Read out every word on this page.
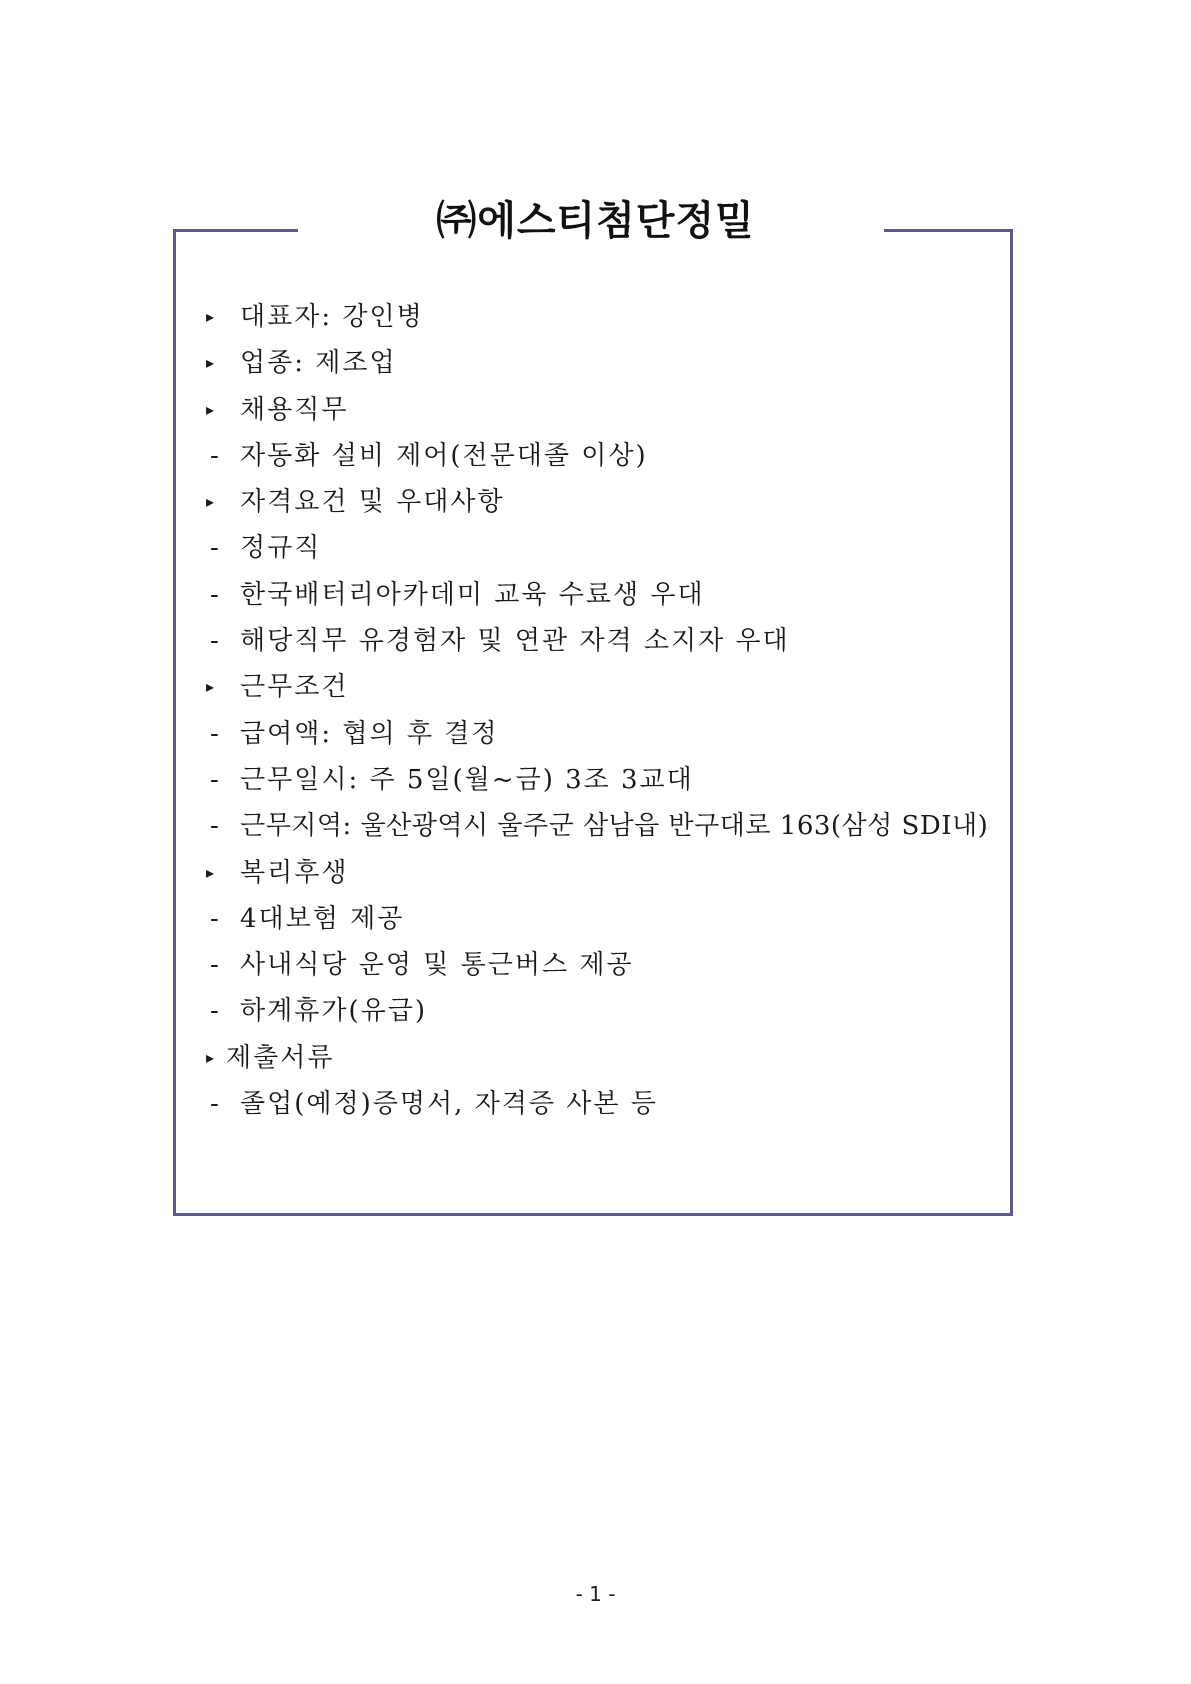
㈜에스티첨단정밀
▸ 대표자: 강인병
▸ 업종: 제조업
▸ 채용직무
- 자동화 설비 제어(전문대졸 이상)
▸ 자격요건 및 우대사항
- 정규직
- 한국배터리아카데미 교육 수료생 우대
- 해당직무 유경험자 및 연관 자격 소지자 우대
▸ 근무조건
- 급여액: 협의 후 결정
- 근무일시: 주 5일(월~금) 3조 3교대
- 근무지역: 울산광역시 울주군 삼남읍 반구대로 163(삼성 SDI내)
▸ 복리후생
- 4대보험 제공
- 사내식당 운영 및 통근버스 제공
- 하계휴가(유급)
▸ 제출서류
- 졸업(예정)증명서, 자격증 사본 등
- 1 -
